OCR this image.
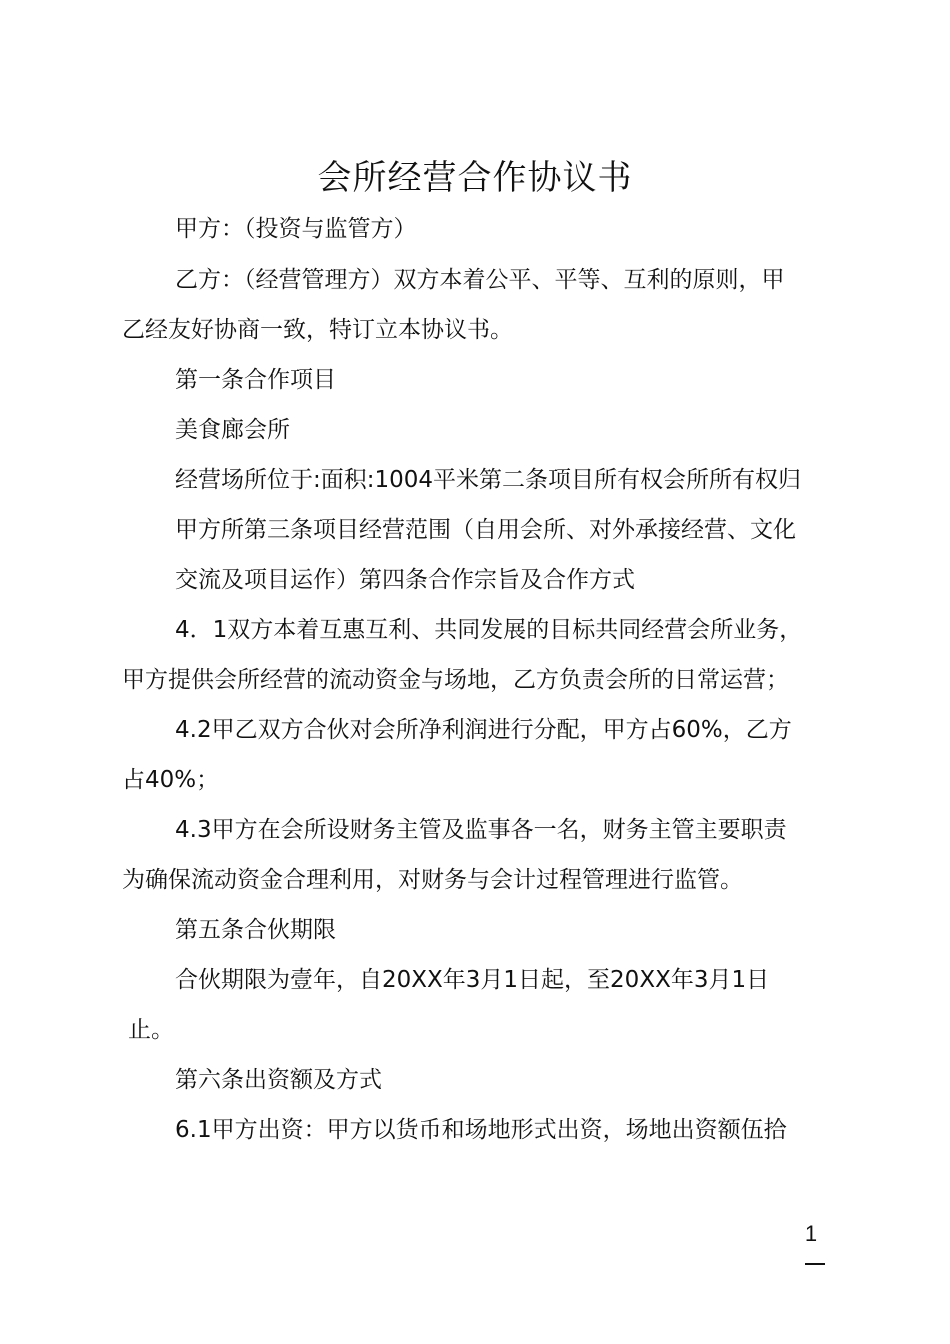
会所经营合作协议书
甲方：（投资与监管方）
乙方：（经营管理方）双方本着公平、平等、互利的原则，甲
乙经友好协商一致，特订立本协议书。
第一条合作项目
美食廊会所
经营场所位于:面积:1004平米第二条项目所有权会所所有权归
甲方所第三条项目经营范围（自用会所、对外承接经营、文化
交流及项目运作）第四条合作宗旨及合作方式
4．1双方本着互惠互利、共同发展的目标共同经营会所业务，
甲方提供会所经营的流动资金与场地，乙方负责会所的日常运营；
4.2甲乙双方合伙对会所净利润进行分配，甲方占60%，乙方
占40%；
4.3甲方在会所设财务主管及监事各一名，财务主管主要职责
为确保流动资金合理利用，对财务与会计过程管理进行监管。
第五条合伙期限
合伙期限为壹年，自20XX年3月1日起，至20XX年3月1日
止。
第六条出资额及方式
6.1甲方出资：甲方以货币和场地形式出资，场地出资额伍拾
1
